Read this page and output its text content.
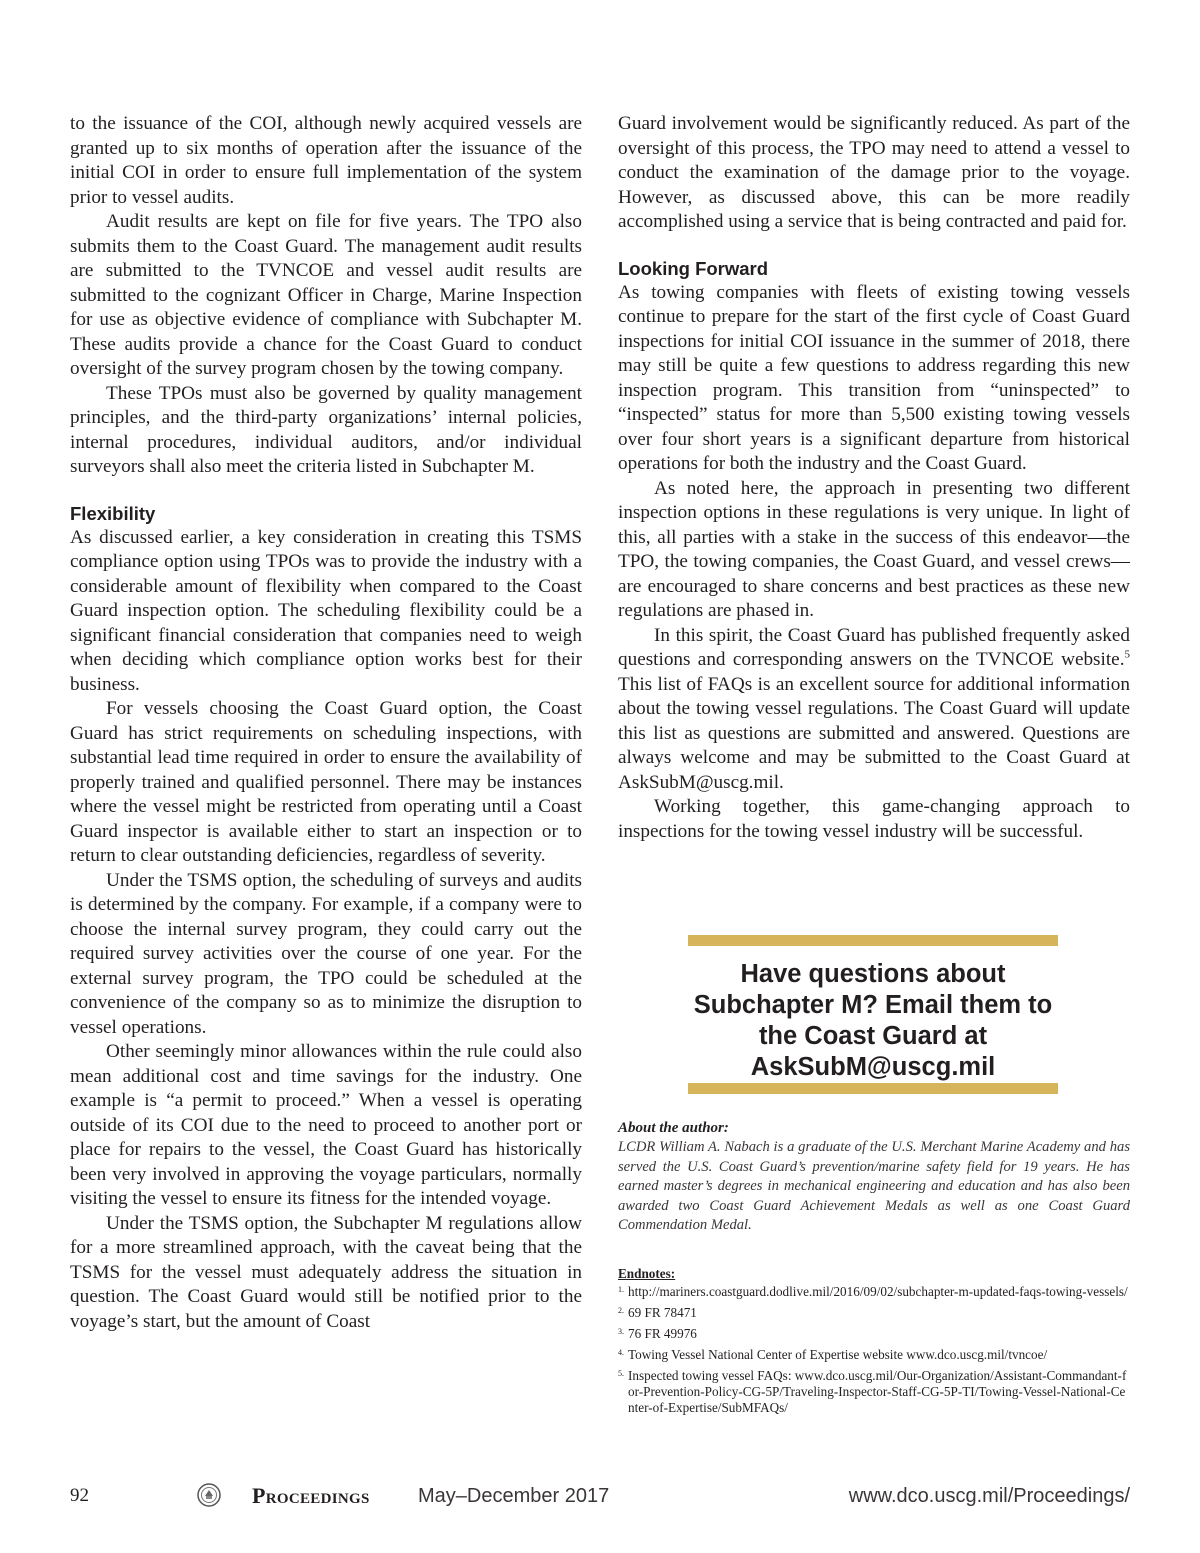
to the issuance of the COI, although newly acquired vessels are granted up to six months of operation after the issuance of the initial COI in order to ensure full implementation of the system prior to vessel audits.

Audit results are kept on file for five years. The TPO also submits them to the Coast Guard. The management audit results are submitted to the TVNCOE and vessel audit results are submitted to the cognizant Officer in Charge, Marine Inspection for use as objective evidence of compliance with Subchapter M. These audits provide a chance for the Coast Guard to conduct oversight of the survey program chosen by the towing company.

These TPOs must also be governed by quality management principles, and the third-party organizations’ internal policies, internal procedures, individual auditors, and/or individual surveyors shall also meet the criteria listed in Subchapter M.

Flexibility

As discussed earlier, a key consideration in creating this TSMS compliance option using TPOs was to provide the industry with a considerable amount of flexibility when compared to the Coast Guard inspection option. The scheduling flexibility could be a significant financial consideration that companies need to weigh when deciding which compliance option works best for their business.

For vessels choosing the Coast Guard option, the Coast Guard has strict requirements on scheduling inspections, with substantial lead time required in order to ensure the availability of properly trained and qualified personnel. There may be instances where the vessel might be restricted from operating until a Coast Guard inspector is available either to start an inspection or to return to clear outstanding deficiencies, regardless of severity.

Under the TSMS option, the scheduling of surveys and audits is determined by the company. For example, if a company were to choose the internal survey program, they could carry out the required survey activities over the course of one year. For the external survey program, the TPO could be scheduled at the convenience of the company so as to minimize the disruption to vessel operations.

Other seemingly minor allowances within the rule could also mean additional cost and time savings for the industry. One example is “a permit to proceed.” When a vessel is operating outside of its COI due to the need to proceed to another port or place for repairs to the vessel, the Coast Guard has historically been very involved in approving the voyage particulars, normally visiting the vessel to ensure its fitness for the intended voyage.

Under the TSMS option, the Subchapter M regulations allow for a more streamlined approach, with the caveat being that the TSMS for the vessel must adequately address the situation in question. The Coast Guard would still be notified prior to the voyage’s start, but the amount of Coast

Guard involvement would be significantly reduced. As part of the oversight of this process, the TPO may need to attend a vessel to conduct the examination of the damage prior to the voyage. However, as discussed above, this can be more readily accomplished using a service that is being contracted and paid for.

Looking Forward

As towing companies with fleets of existing towing vessels continue to prepare for the start of the first cycle of Coast Guard inspections for initial COI issuance in the summer of 2018, there may still be quite a few questions to address regarding this new inspection program. This transition from “uninspected” to “inspected” status for more than 5,500 existing towing vessels over four short years is a significant departure from historical operations for both the industry and the Coast Guard.

As noted here, the approach in presenting two different inspection options in these regulations is very unique. In light of this, all parties with a stake in the success of this endeavor—the TPO, the towing companies, the Coast Guard, and vessel crews—are encouraged to share concerns and best practices as these new regulations are phased in.

In this spirit, the Coast Guard has published frequently asked questions and corresponding answers on the TVNCOE website.$^5$ This list of FAQs is an excellent source for additional information about the towing vessel regulations. The Coast Guard will update this list as questions are submitted and answered. Questions are always welcome and may be submitted to the Coast Guard at AskSubM@uscg.mil.

Working together, this game-changing approach to inspections for the towing vessel industry will be successful.

Have questions about Subchapter M? Email them to the Coast Guard at AskSubM@uscg.mil
About the author:

LCDR William A. Nabach is a graduate of the U.S. Merchant Marine Academy and has served the U.S. Coast Guard’s prevention/marine safety field for 19 years. He has earned master’s degrees in mechanical engineering and education and has also been awarded two Coast Guard Achievement Medals as well as one Coast Guard Commendation Medal.

Endnotes:
1. http://mariners.coastguard.dodlive.mil/2016/09/02/subchapter-m-updated-faqs-towing-vessels/
2. 69 FR 78471
3. 76 FR 49976
4. Towing Vessel National Center of Expertise website www.dco.uscg.mil/tvncoe/
5. Inspected towing vessel FAQs: www.dco.uscg.mil/Our-Organization/Assistant-Commandant-for-Prevention-Policy-CG-5P/Traveling-Inspector-Staff-CG-5P-TI/Towing-Vessel-National-Center-of-Expertise/SubMFAQs/
92	Proceedings May–December 2017	www.dco.uscg.mil/Proceedings/
